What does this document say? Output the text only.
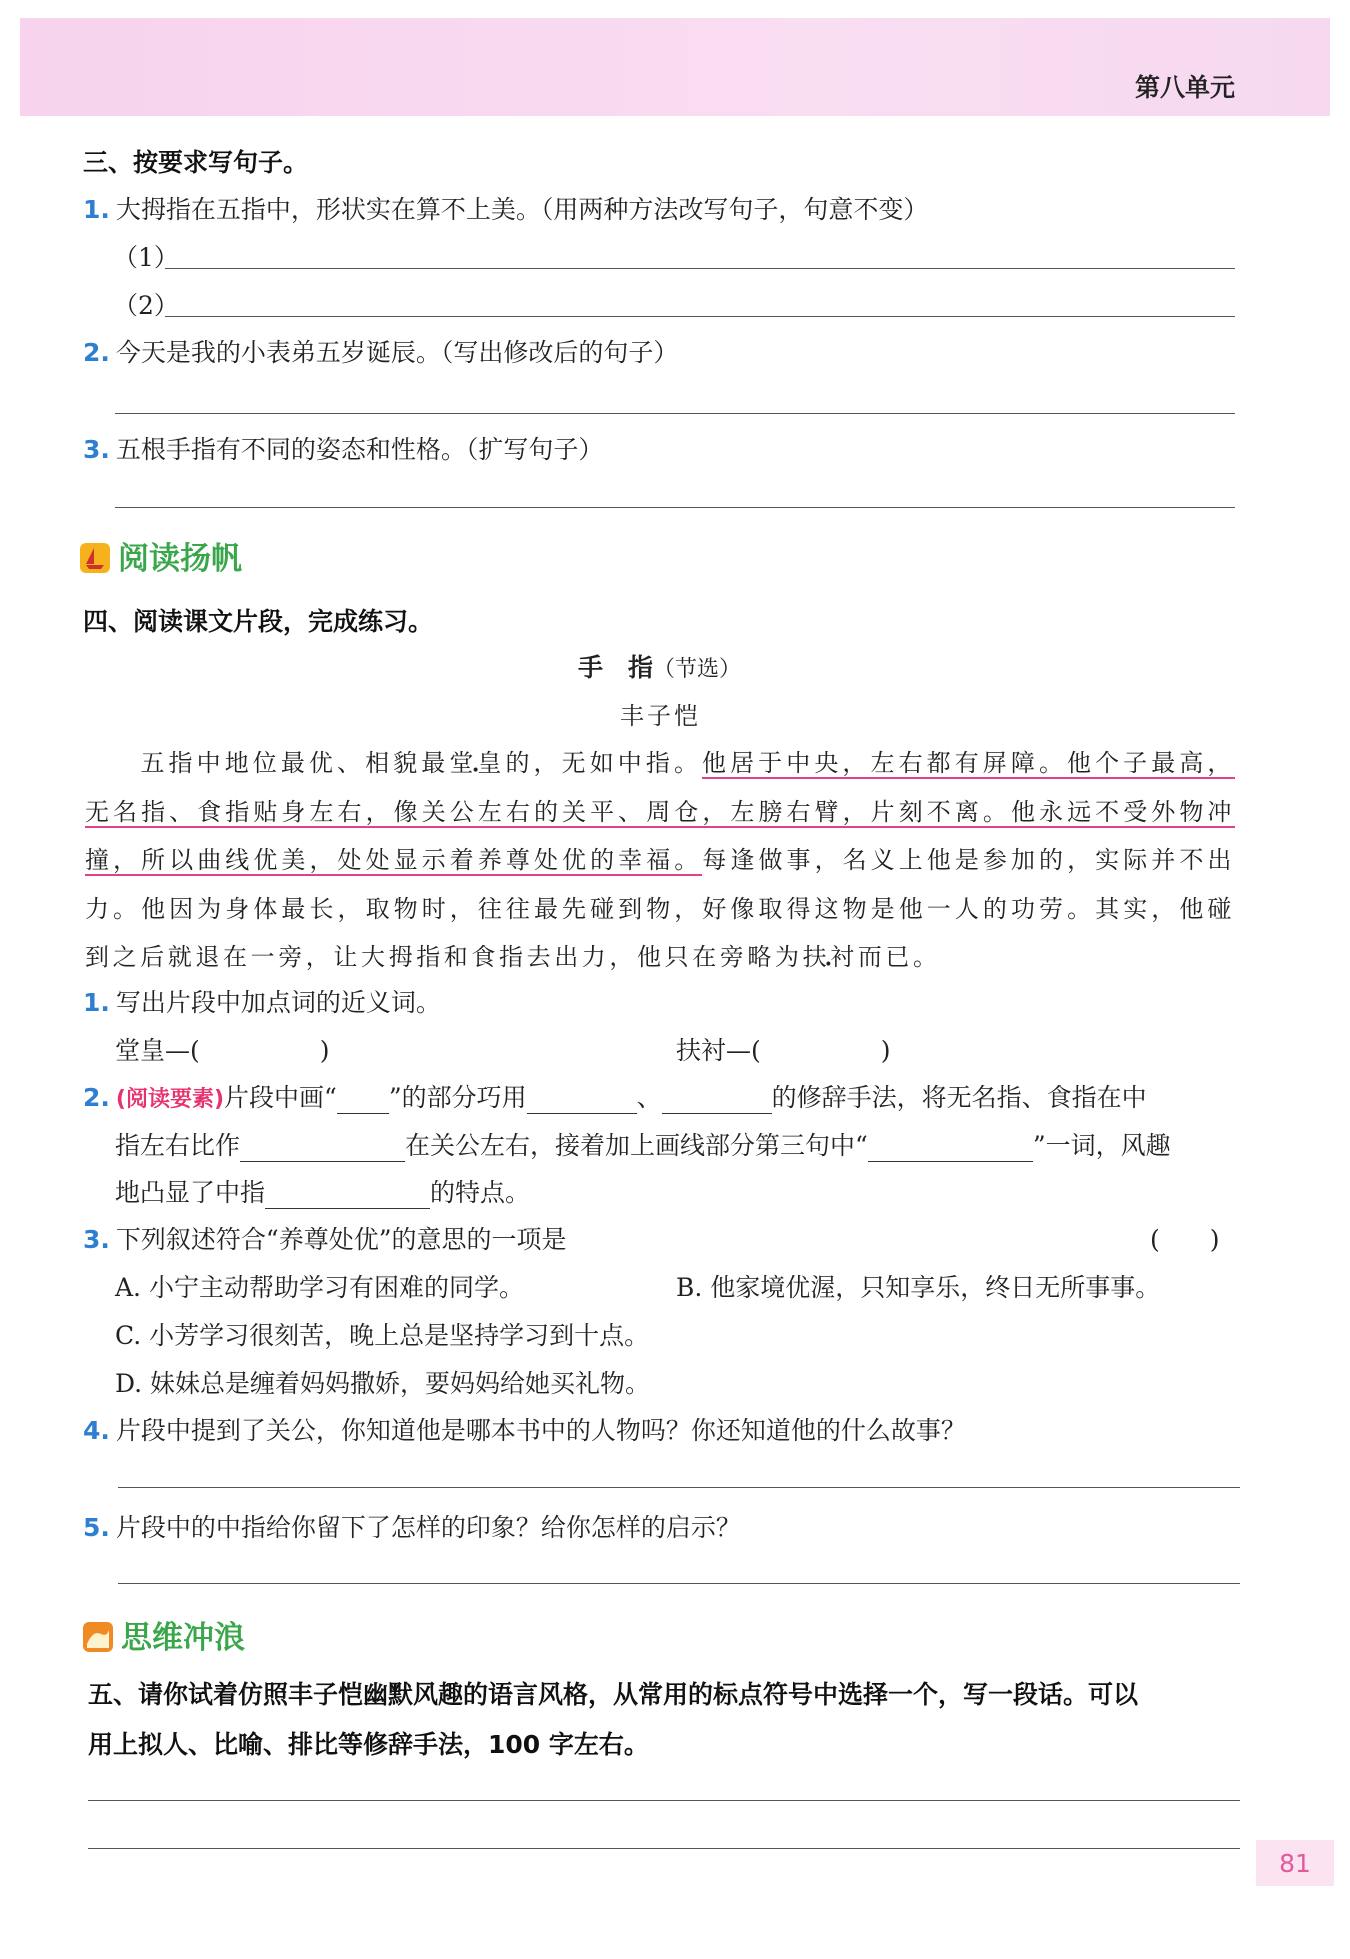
第八单元
三、按要求写句子。
1. 大拇指在五指中，形状实在算不上美。（用两种方法改写句子，句意不变）
（1）
（2）
2. 今天是我的小表弟五岁诞辰。（写出修改后的句子）
3. 五根手指有不同的姿态和性格。（扩写句子）
阅读扬帆
四、阅读课文片段，完成练习。
手　指（节选）
丰子恺
五指中地位最优、相貌最堂皇的，无如中指。他居于中央，左右都有屏障。他个子最高，无名指、食指贴身左右，像关公左右的关平、周仓，左膀右臂，片刻不离。他永远不受外物冲撞，所以曲线优美，处处显示着养尊处优的幸福。每逢做事，名义上他是参加的，实际并不出力。他因为身体最长，取物时，往往最先碰到物，好像取得这物是他一人的功劳。其实，他碰到之后就退在一旁，让大拇指和食指去出力，他只在旁略为扶衬而已。
1. 写出片段中加点词的近义词。
堂皇—(	)	扶衬—(	)
2. (阅读要素)片段中画“ ”的部分巧用	、	的修辞手法，将无名指、食指在中
指左右比作	在关公左右，接着加上画线部分第三句中“	”一词，风趣
地凸显了中指	的特点。
3. 下列叙述符合“养尊处优”的意思的一项是	(　　)
A. 小宁主动帮助学习有困难的同学。	B. 他家境优渥，只知享乐，终日无所事事。
C. 小芳学习很刻苦，晚上总是坚持学习到十点。
D. 妹妹总是缠着妈妈撒娇，要妈妈给她买礼物。
4. 片段中提到了关公，你知道他是哪本书中的人物吗？你还知道他的什么故事？
5. 片段中的中指给你留下了怎样的印象？给你怎样的启示？
思维冲浪
五、请你试着仿照丰子恺幽默风趣的语言风格，从常用的标点符号中选择一个，写一段话。可以
用上拟人、比喻、排比等修辞手法，100 字左右。
81
